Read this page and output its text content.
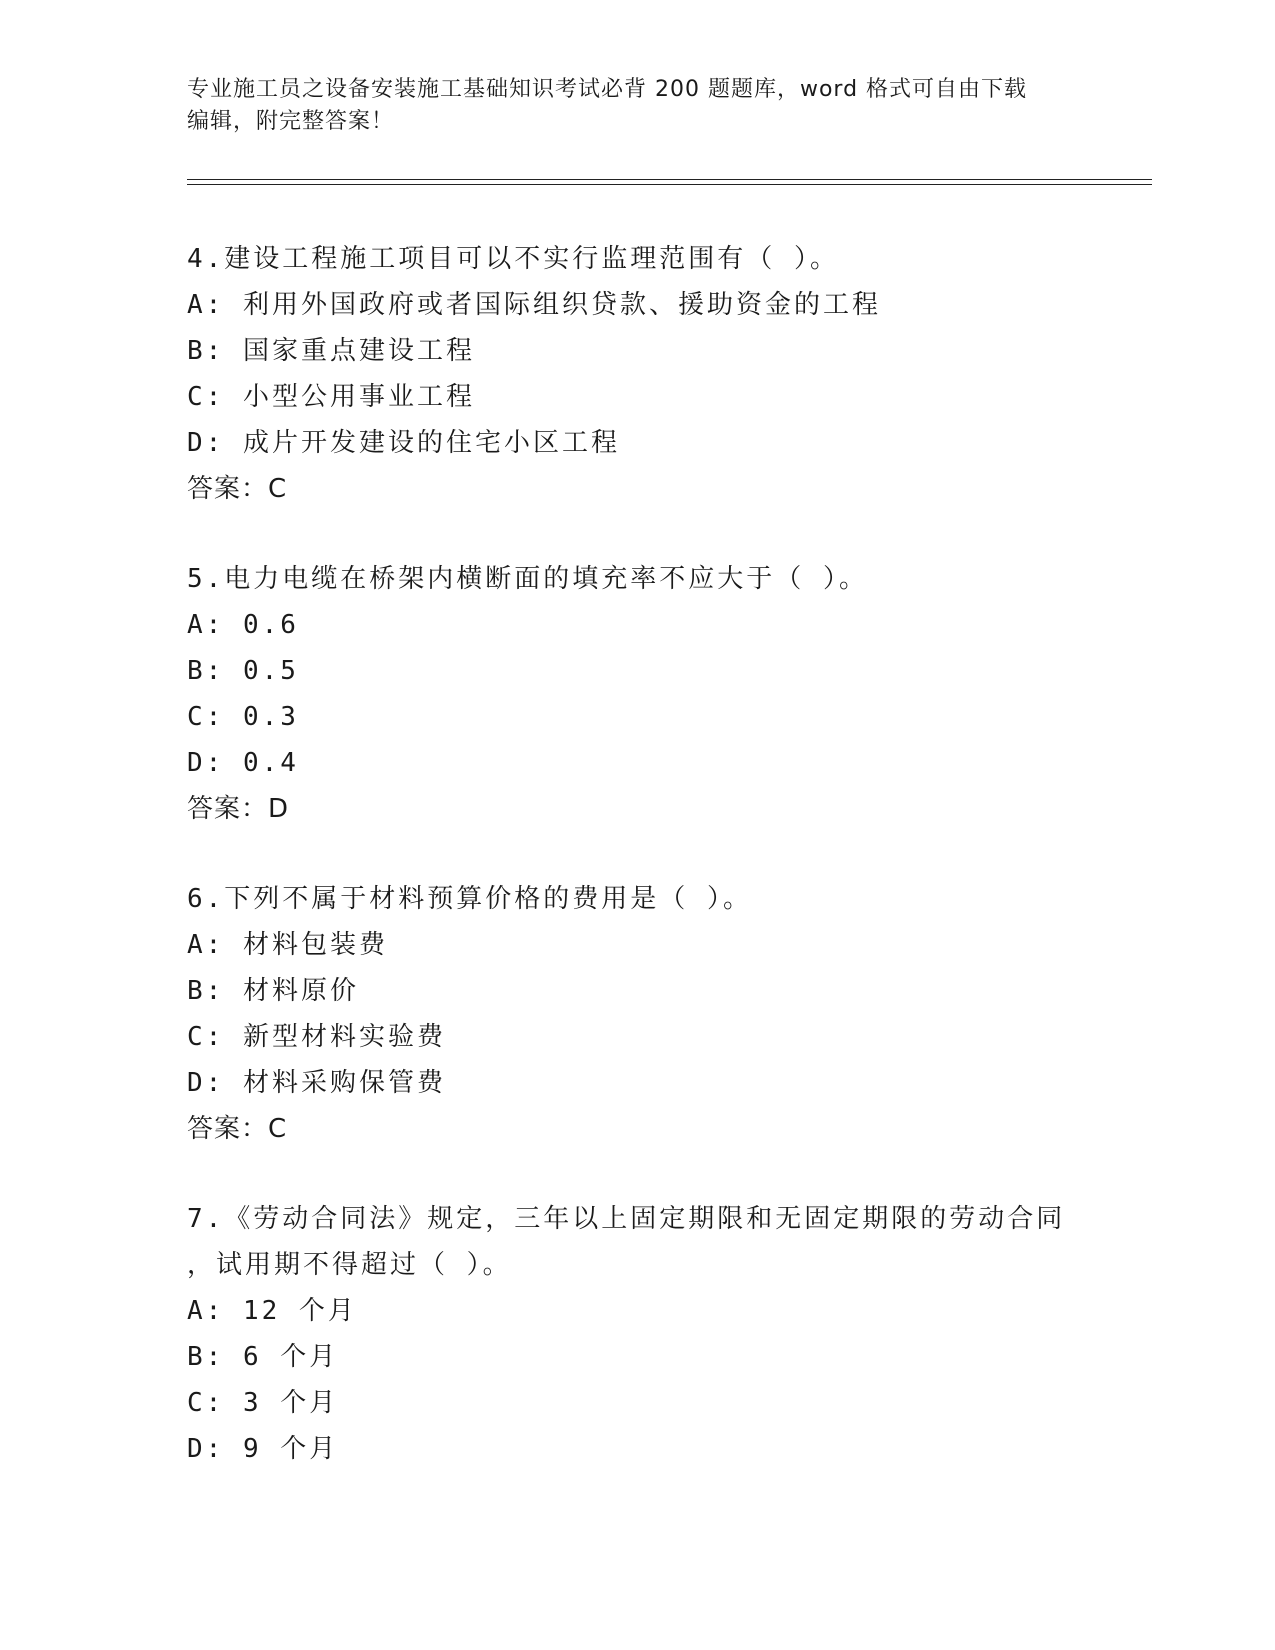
专业施工员之设备安装施工基础知识考试必背 200 题题库，word 格式可自由下载
编辑，附完整答案！
4.建设工程施工项目可以不实行监理范围有（ ）。
A: 利用外国政府或者国际组织贷款、援助资金的工程
B: 国家重点建设工程
C: 小型公用事业工程
D: 成片开发建设的住宅小区工程
答案：C
5.电力电缆在桥架内横断面的填充率不应大于（ ）。
A: 0.6
B: 0.5
C: 0.3
D: 0.4
答案：D
6.下列不属于材料预算价格的费用是（ ）。
A: 材料包装费
B: 材料原价
C: 新型材料实验费
D: 材料采购保管费
答案：C
7.《劳动合同法》规定，三年以上固定期限和无固定期限的劳动合同
，试用期不得超过（ ）。
A: 12 个月
B: 6 个月
C: 3 个月
D: 9 个月
